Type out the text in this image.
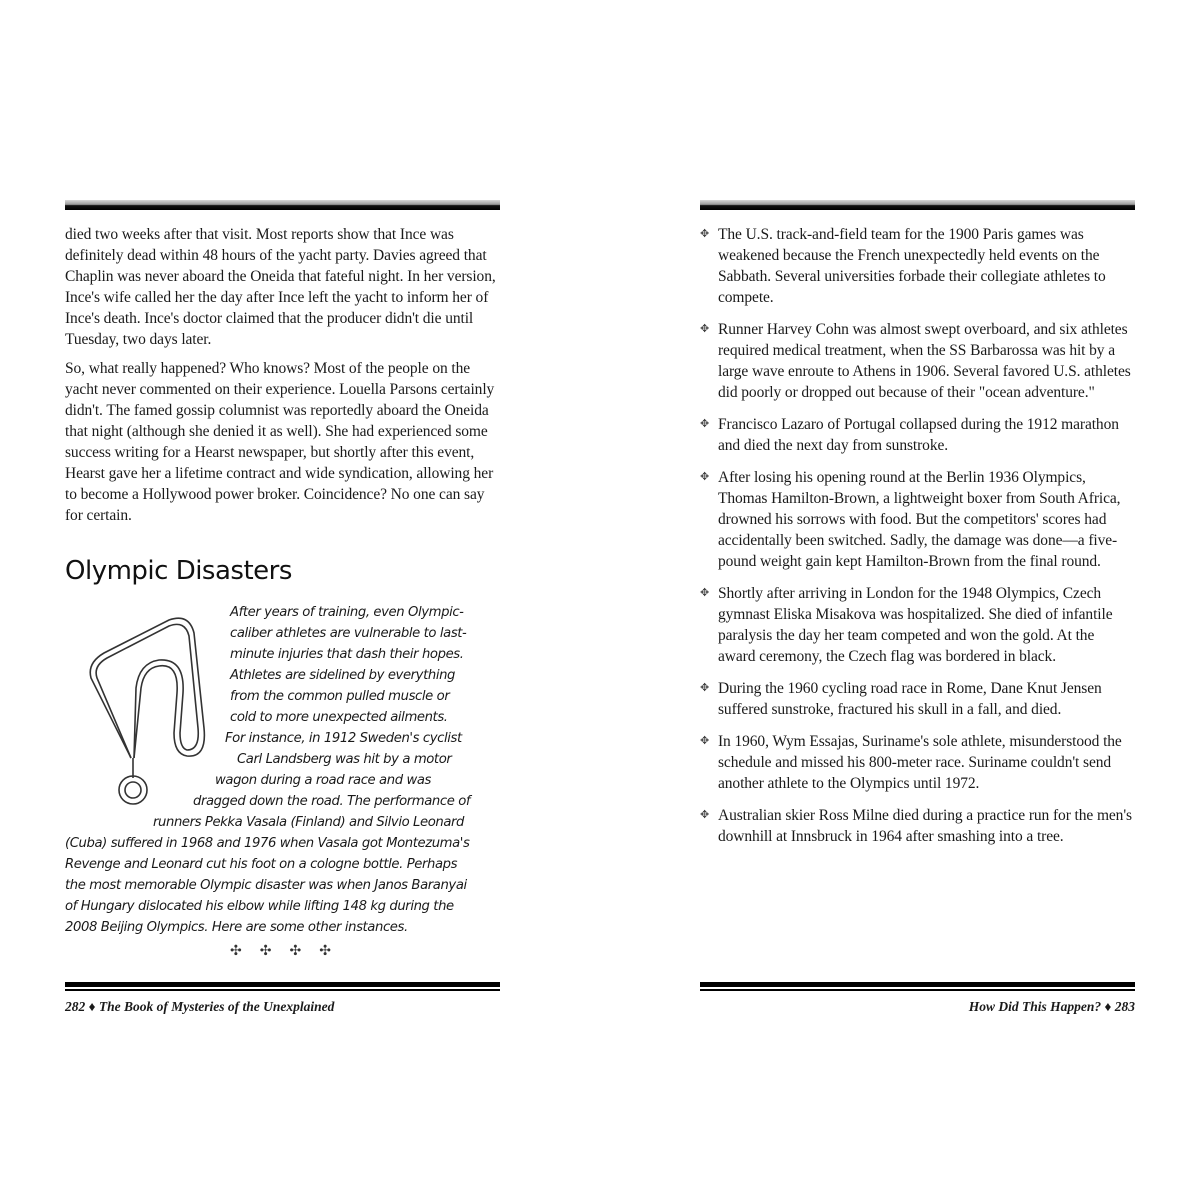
died two weeks after that visit. Most reports show that Ince was definitely dead within 48 hours of the yacht party. Davies agreed that Chaplin was never aboard the Oneida that fateful night. In her version, Ince's wife called her the day after Ince left the yacht to inform her of Ince's death. Ince's doctor claimed that the producer didn't die until Tuesday, two days later.

So, what really happened? Who knows? Most of the people on the yacht never commented on their experience. Louella Parsons certainly didn't. The famed gossip columnist was reportedly aboard the Oneida that night (although she denied it as well). She had experienced some success writing for a Hearst newspaper, but shortly after this event, Hearst gave her a lifetime contract and wide syndication, allowing her to become a Hollywood power broker. Coincidence? No one can say for certain.

Olympic Disasters
After years of training, even Olympic-
caliber athletes are vulnerable to last-
minute injuries that dash their hopes.
Athletes are sidelined by everything
from the common pulled muscle or
cold to more unexpected ailments.
For instance, in 1912 Sweden's cyclist
Carl Landsberg was hit by a motor
wagon during a road race and was
dragged down the road. The performance of
runners Pekka Vasala (Finland) and Silvio Leonard
(Cuba) suffered in 1968 and 1976 when Vasala got Montezuma's
Revenge and Leonard cut his foot on a cologne bottle. Perhaps
the most memorable Olympic disaster was when Janos Baranyai
of Hungary dislocated his elbow while lifting 148 kg during the
2008 Beijing Olympics. Here are some other instances.
✣✣✣✣
282 ♦ The Book of Mysteries of the Unexplained
✥ The U.S. track-and-field team for the 1900 Paris games was weakened because the French unexpectedly held events on the Sabbath. Several universities forbade their collegiate athletes to compete.
✥ Runner Harvey Cohn was almost swept overboard, and six athletes required medical treatment, when the SS Barbarossa was hit by a large wave enroute to Athens in 1906. Several favored U.S. athletes did poorly or dropped out because of their "ocean adventure."
✥ Francisco Lazaro of Portugal collapsed during the 1912 marathon and died the next day from sunstroke.
✥ After losing his opening round at the Berlin 1936 Olympics, Thomas Hamilton-Brown, a lightweight boxer from South Africa, drowned his sorrows with food. But the competitors' scores had accidentally been switched. Sadly, the damage was done—a five-pound weight gain kept Hamilton-Brown from the final round.
✥ Shortly after arriving in London for the 1948 Olympics, Czech gymnast Eliska Misakova was hospitalized. She died of infantile paralysis the day her team competed and won the gold. At the award ceremony, the Czech flag was bordered in black.
✥ During the 1960 cycling road race in Rome, Dane Knut Jensen suffered sunstroke, fractured his skull in a fall, and died.
✥ In 1960, Wym Essajas, Suriname's sole athlete, misunderstood the schedule and missed his 800-meter race. Suriname couldn't send another athlete to the Olympics until 1972.
✥ Australian skier Ross Milne died during a practice run for the men's downhill at Innsbruck in 1964 after smashing into a tree.
How Did This Happen? ♦ 283
